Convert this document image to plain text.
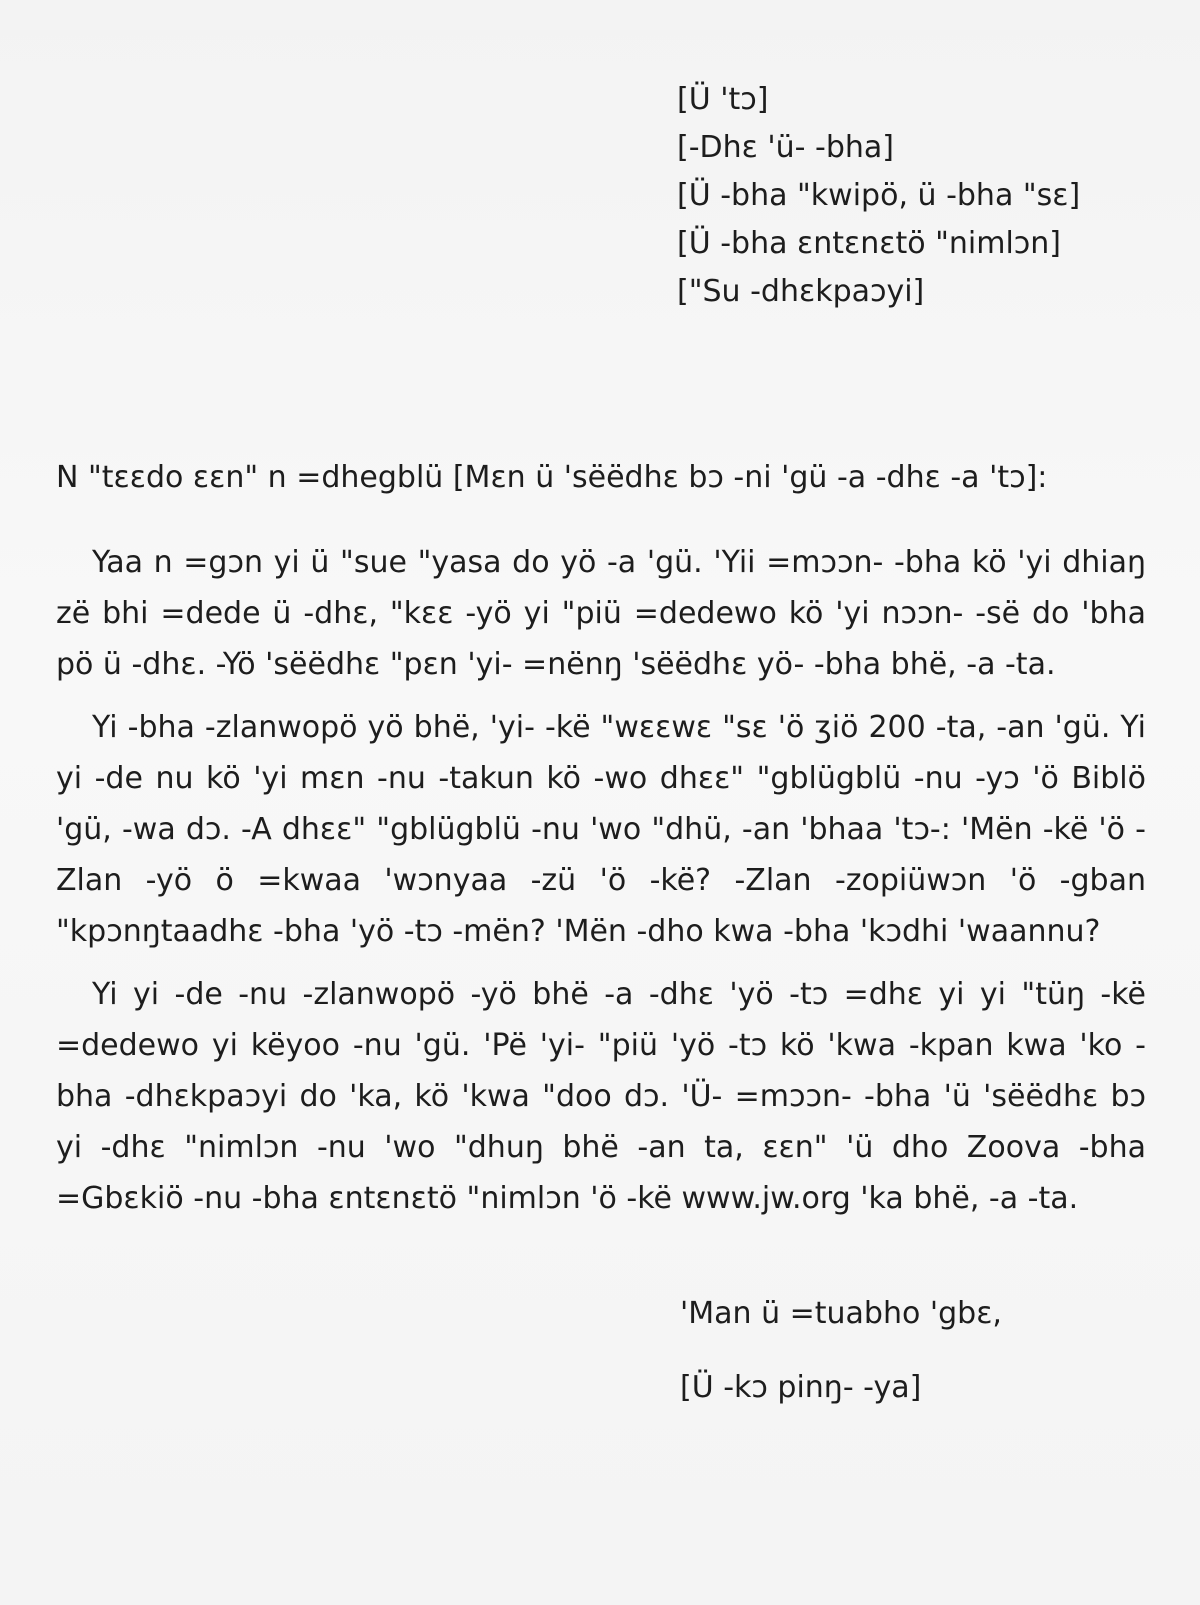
[Ü 'tɔ]
[-Dhɛ 'ü- -bha]
[Ü -bha "kwipö, ü -bha "sɛ]
[Ü -bha ɛntɛnɛtö "nimlɔn]
["Su -dhɛkpaɔyi]
N "tɛɛdo ɛɛn" n =dhegblü [Mɛn ü 'sëëdhɛ bɔ -ni 'gü -a -dhɛ -a 'tɔ]:

Yaa n =gɔn yi ü "sue "yasa do yö -a 'gü. 'Yii =mɔɔn- -bha kö 'yi dhiaŋ zë bhi =dede ü -dhɛ, "kɛɛ -yö yi "piü =dedewo kö 'yi nɔɔn- -së do 'bha pö ü -dhɛ. -Yö 'sëëdhɛ "pɛn 'yi- =nënŋ 'sëëdhɛ yö- -bha bhë, -a -ta.

Yi -bha -zlanwopö yö bhë, 'yi- -kë "wɛɛwɛ "sɛ 'ö ʒiö 200 -ta, -an 'gü. Yi yi -de nu kö 'yi mɛn -nu -takun kö -wo dhɛɛ" "gblügblü -nu -yɔ 'ö Biblö 'gü, -wa dɔ. -A dhɛɛ" "gblügblü -nu 'wo "dhü, -an 'bhaa 'tɔ-: 'Mën -kë 'ö -Zlan -yö ö =kwaa 'wɔnyaa -zü 'ö -kë? -Zlan -zopiüwɔn 'ö -gban "kpɔnŋtaadhɛ -bha 'yö -tɔ -mën? 'Mën -dho kwa -bha 'kɔdhi 'waannu?

Yi yi -de -nu -zlanwopö -yö bhë -a -dhɛ 'yö -tɔ =dhɛ yi yi "tüŋ -kë =dedewo yi këyoo -nu 'gü. 'Pë 'yi- "piü 'yö -tɔ kö 'kwa -kpan kwa 'ko -bha -dhɛkpaɔyi do 'ka, kö 'kwa "doo dɔ. 'Ü- =mɔɔn- -bha 'ü 'sëëdhɛ bɔ yi -dhɛ "nimlɔn -nu 'wo "dhuŋ bhë -an ta, ɛɛn" 'ü dho Zoova -bha =Gbɛkiö -nu -bha ɛntɛnɛtö "nimlɔn 'ö -kë www.jw.org 'ka bhë, -a -ta.

'Man ü =tuabho 'gbɛ,
[Ü -kɔ pinŋ- -ya]
